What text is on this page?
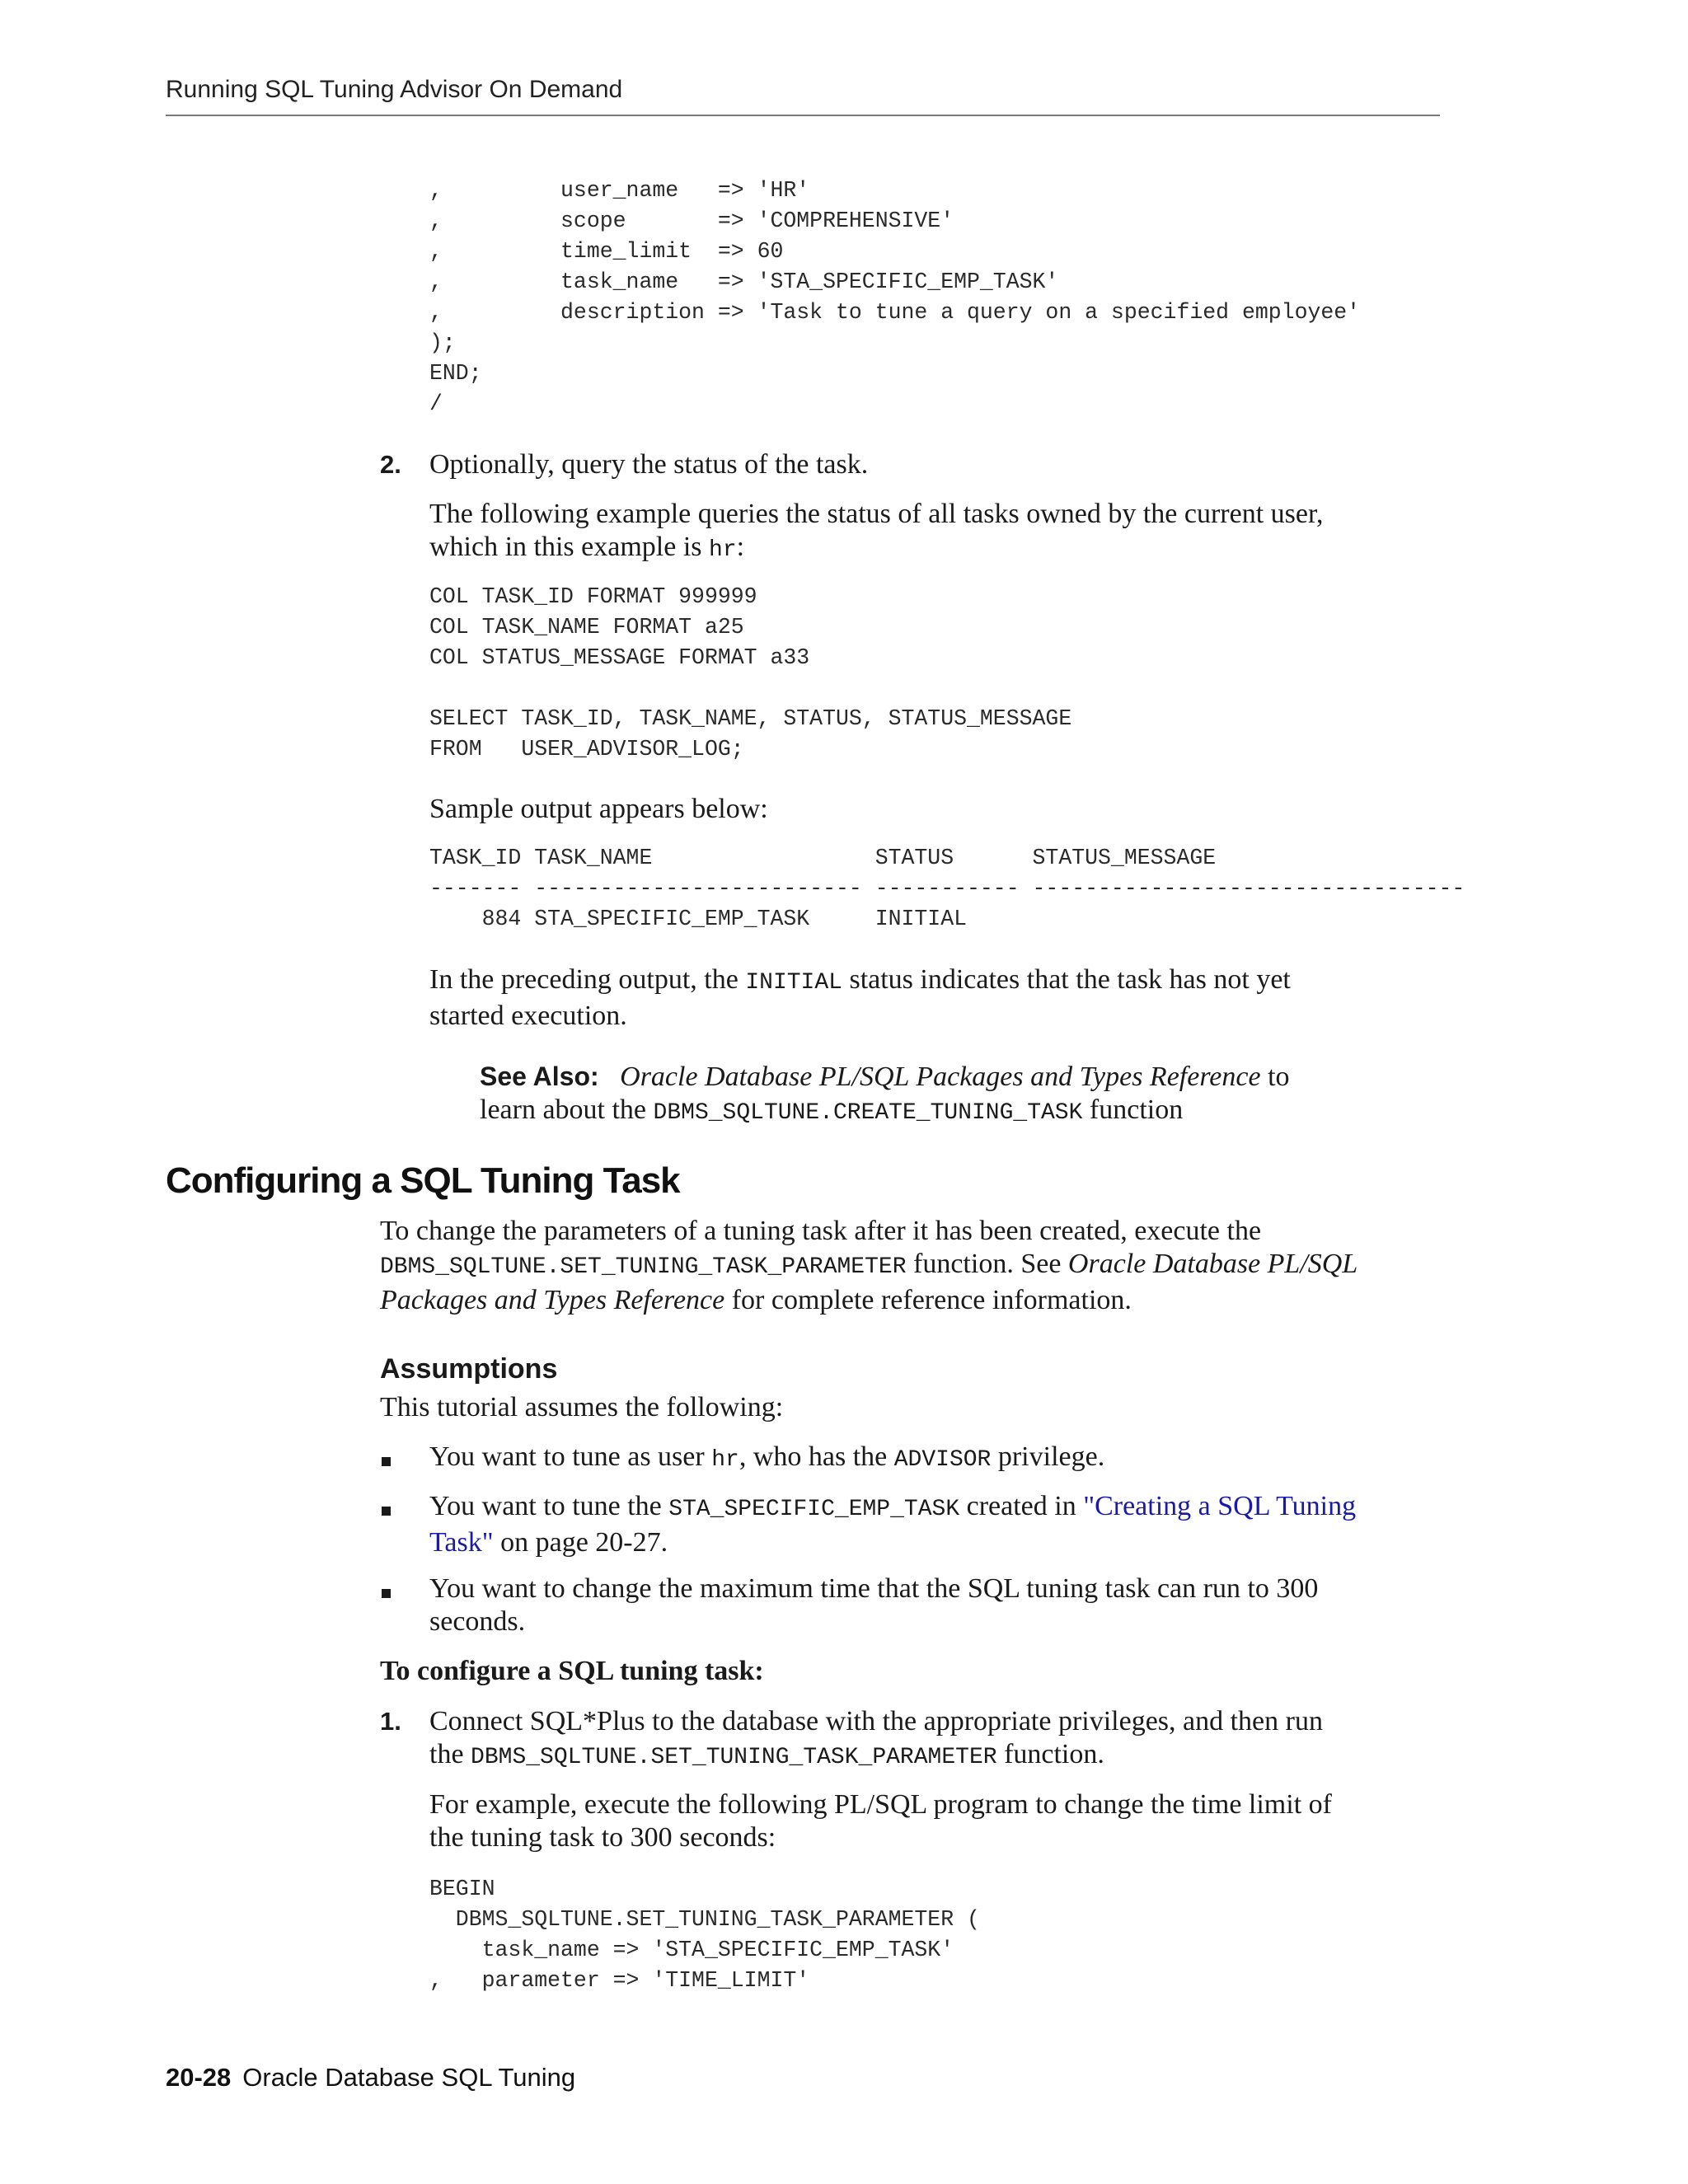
Running SQL Tuning Advisor On Demand
,         user_name   => 'HR'
,         scope       => 'COMPREHENSIVE'
,         time_limit  => 60
,         task_name   => 'STA_SPECIFIC_EMP_TASK'
,         description => 'Task to tune a query on a specified employee'
);
END;
/
2. Optionally, query the status of the task.
The following example queries the status of all tasks owned by the current user,
which in this example is hr:
COL TASK_ID FORMAT 999999
COL TASK_NAME FORMAT a25
COL STATUS_MESSAGE FORMAT a33
SELECT TASK_ID, TASK_NAME, STATUS, STATUS_MESSAGE
FROM   USER_ADVISOR_LOG;
Sample output appears below:
TASK_ID TASK_NAME                 STATUS      STATUS_MESSAGE
------- ------------------------- ----------- ---------------------------------
884 STA_SPECIFIC_EMP_TASK     INITIAL
In the preceding output, the INITIAL status indicates that the task has not yet
started execution.
See Also: Oracle Database PL/SQL Packages and Types Reference to
learn about the DBMS_SQLTUNE.CREATE_TUNING_TASK function
Configuring a SQL Tuning Task
To change the parameters of a tuning task after it has been created, execute the
DBMS_SQLTUNE.SET_TUNING_TASK_PARAMETER function. See Oracle Database PL/SQL
Packages and Types Reference for complete reference information.
Assumptions
This tutorial assumes the following:
You want to tune as user hr, who has the ADVISOR privilege.
You want to tune the STA_SPECIFIC_EMP_TASK created in "Creating a SQL Tuning
Task" on page 20-27.
You want to change the maximum time that the SQL tuning task can run to 300
seconds.
To configure a SQL tuning task:
1. Connect SQL*Plus to the database with the appropriate privileges, and then run
the DBMS_SQLTUNE.SET_TUNING_TASK_PARAMETER function.
For example, execute the following PL/SQL program to change the time limit of
the tuning task to 300 seconds:
BEGIN
DBMS_SQLTUNE.SET_TUNING_TASK_PARAMETER (
task_name => 'STA_SPECIFIC_EMP_TASK'
,   parameter => 'TIME_LIMIT'
20-28 Oracle Database SQL Tuning
